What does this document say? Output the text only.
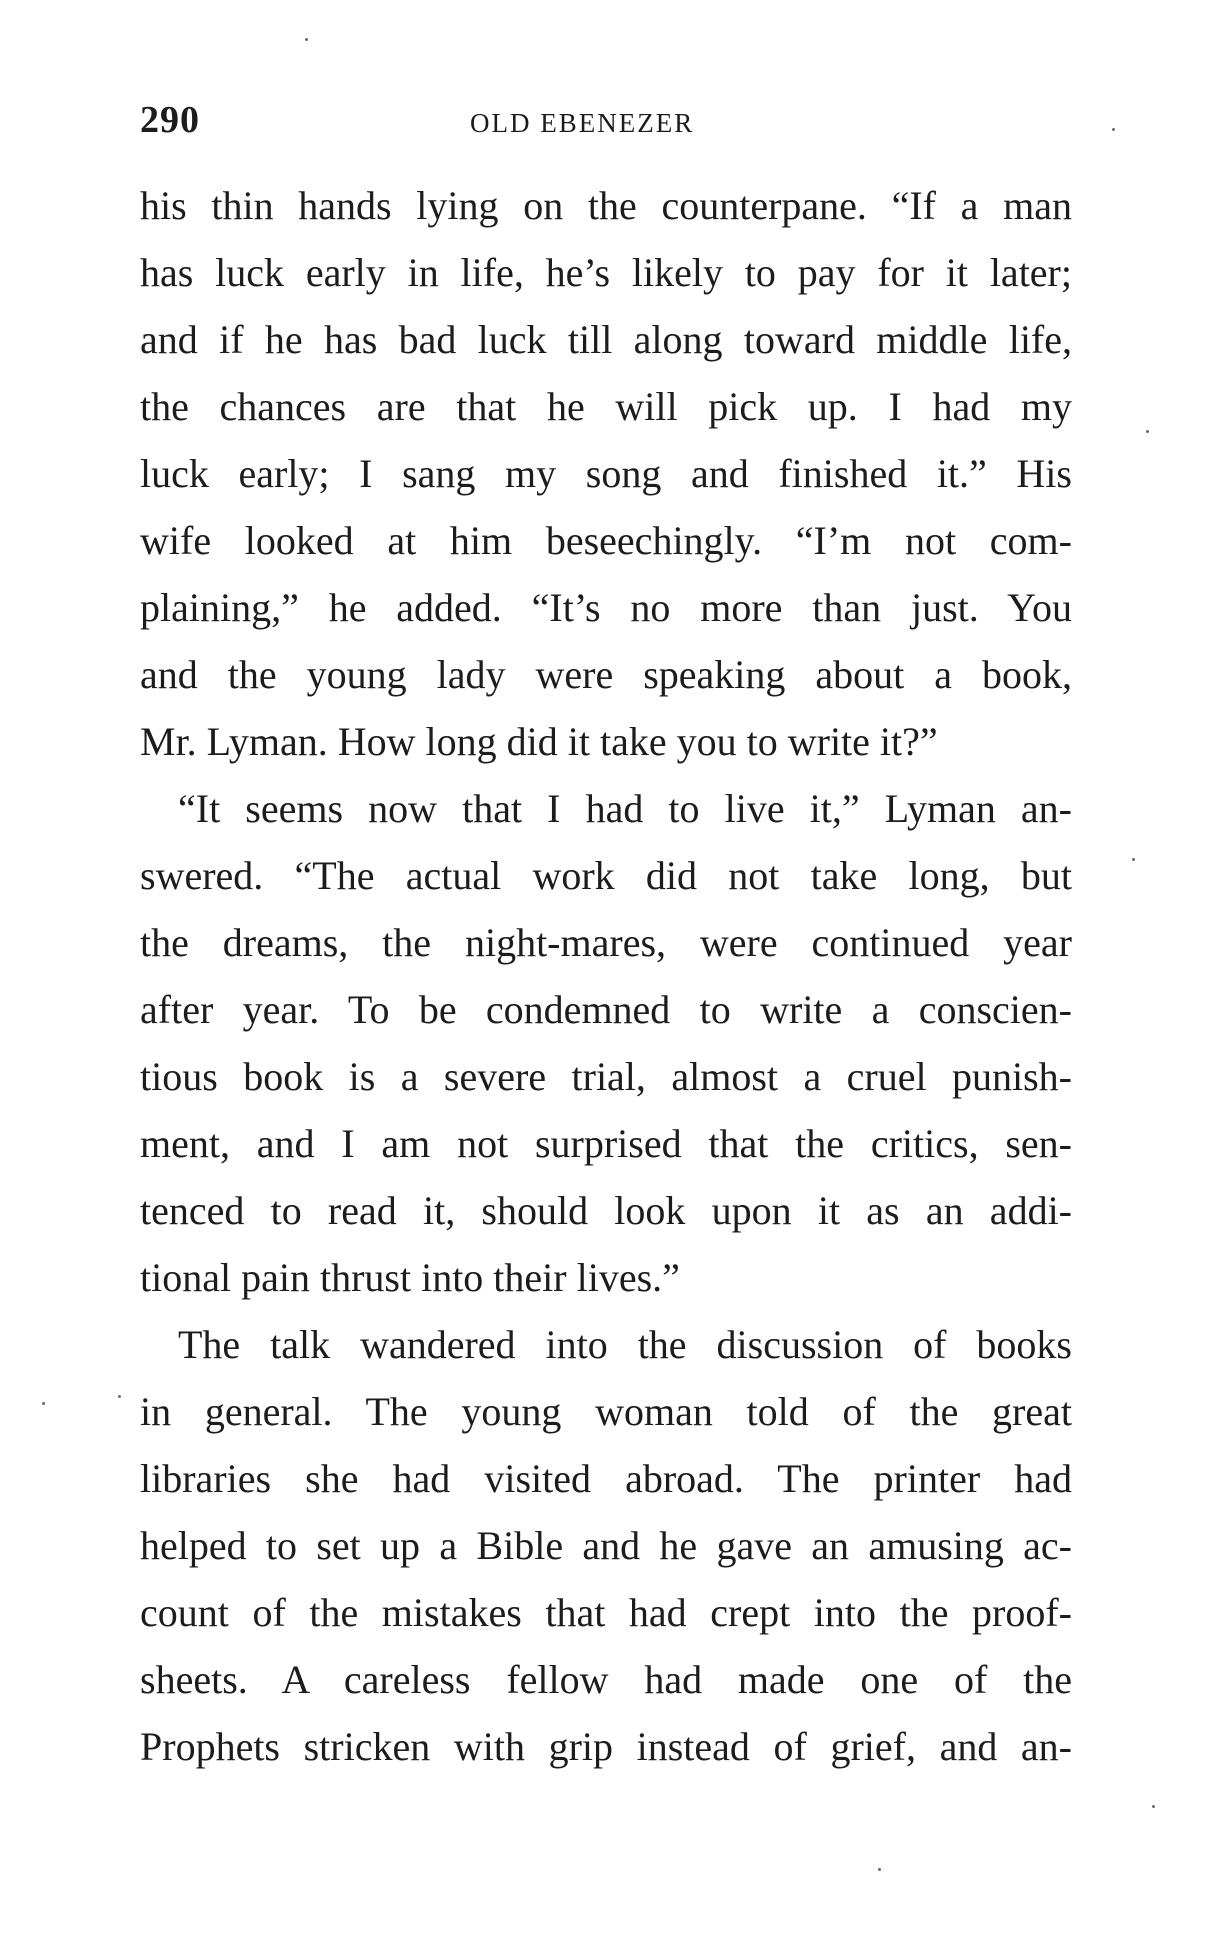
290	OLD EBENEZER
his thin hands lying on the counterpane. “If a man
has luck early in life, he’s likely to pay for it later;
and if he has bad luck till along toward middle life,
the chances are that he will pick up. I had my
luck early; I sang my song and finished it.” His
wife looked at him beseechingly. “I’m not com-
plaining,” he added. “It’s no more than just. You
and the young lady were speaking about a book,
Mr. Lyman. How long did it take you to write it?”
“It seems now that I had to live it,” Lyman an-
swered. “The actual work did not take long, but
the dreams, the night-mares, were continued year
after year. To be condemned to write a conscien-
tious book is a severe trial, almost a cruel punish-
ment, and I am not surprised that the critics, sen-
tenced to read it, should look upon it as an addi-
tional pain thrust into their lives.”
The talk wandered into the discussion of books
in general. The young woman told of the great
libraries she had visited abroad. The printer had
helped to set up a Bible and he gave an amusing ac-
count of the mistakes that had crept into the proof-
sheets. A careless fellow had made one of the
Prophets stricken with grip instead of grief, and an-
